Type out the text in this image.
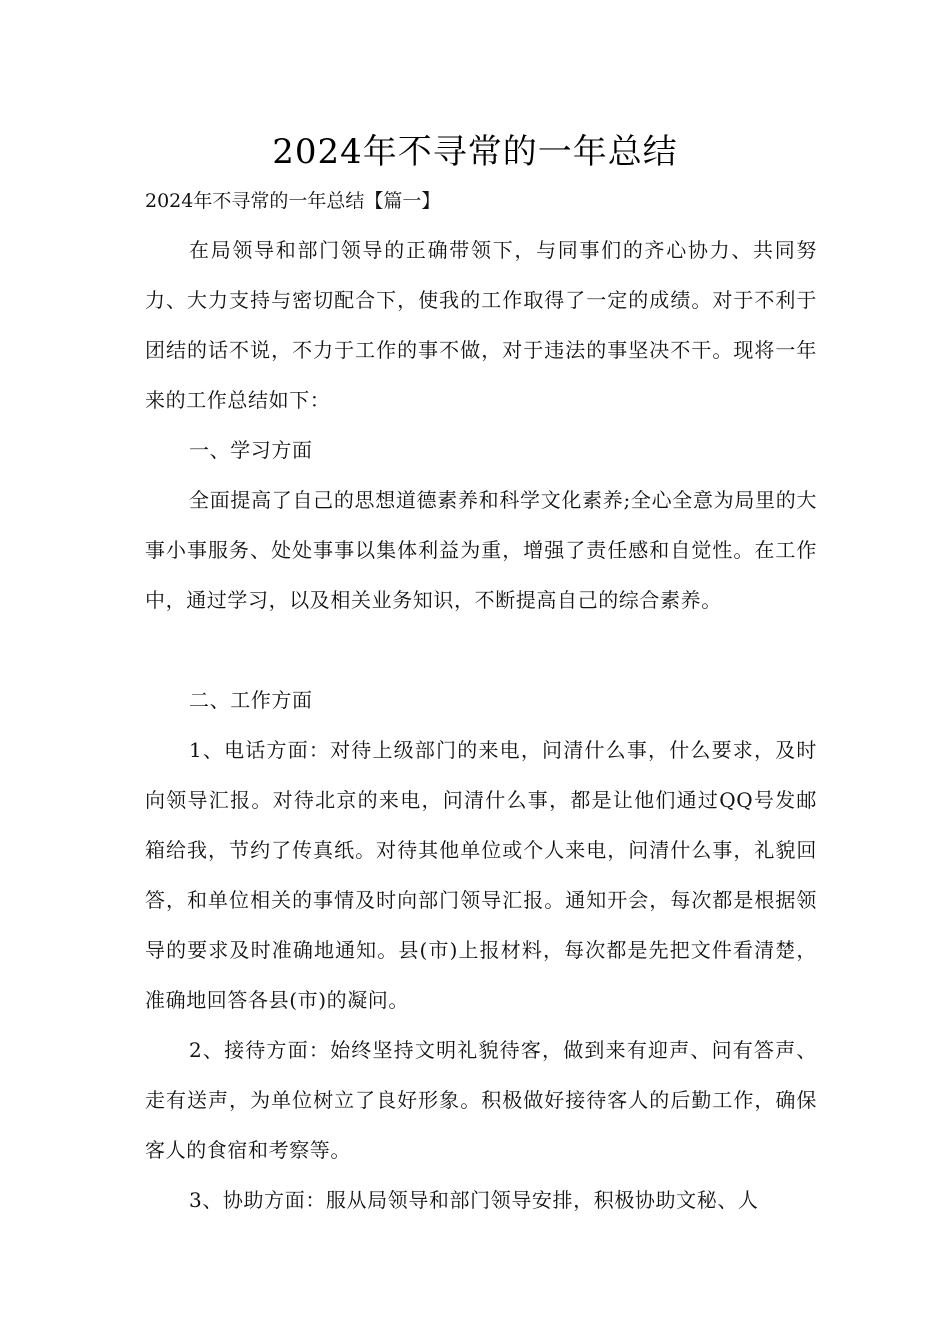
2024年不寻常的一年总结
2024年不寻常的一年总结【篇一】
在局领导和部门领导的正确带领下，与同事们的齐心协力、共同努力、大力支持与密切配合下，使我的工作取得了一定的成绩。对于不利于团结的话不说，不力于工作的事不做，对于违法的事坚决不干。现将一年来的工作总结如下：
一、学习方面
全面提高了自己的思想道德素养和科学文化素养;全心全意为局里的大事小事服务、处处事事以集体利益为重，增强了责任感和自觉性。在工作中，通过学习，以及相关业务知识，不断提高自己的综合素养。
二、工作方面
1、电话方面：对待上级部门的来电，问清什么事，什么要求，及时向领导汇报。对待北京的来电，问清什么事，都是让他们通过QQ号发邮箱给我，节约了传真纸。对待其他单位或个人来电，问清什么事，礼貌回答，和单位相关的事情及时向部门领导汇报。通知开会，每次都是根据领导的要求及时准确地通知。县(市)上报材料，每次都是先把文件看清楚，准确地回答各县(市)的凝问。
2、接待方面：始终坚持文明礼貌待客，做到来有迎声、问有答声、走有送声，为单位树立了良好形象。积极做好接待客人的后勤工作，确保客人的食宿和考察等。
3、协助方面：服从局领导和部门领导安排，积极协助文秘、人
